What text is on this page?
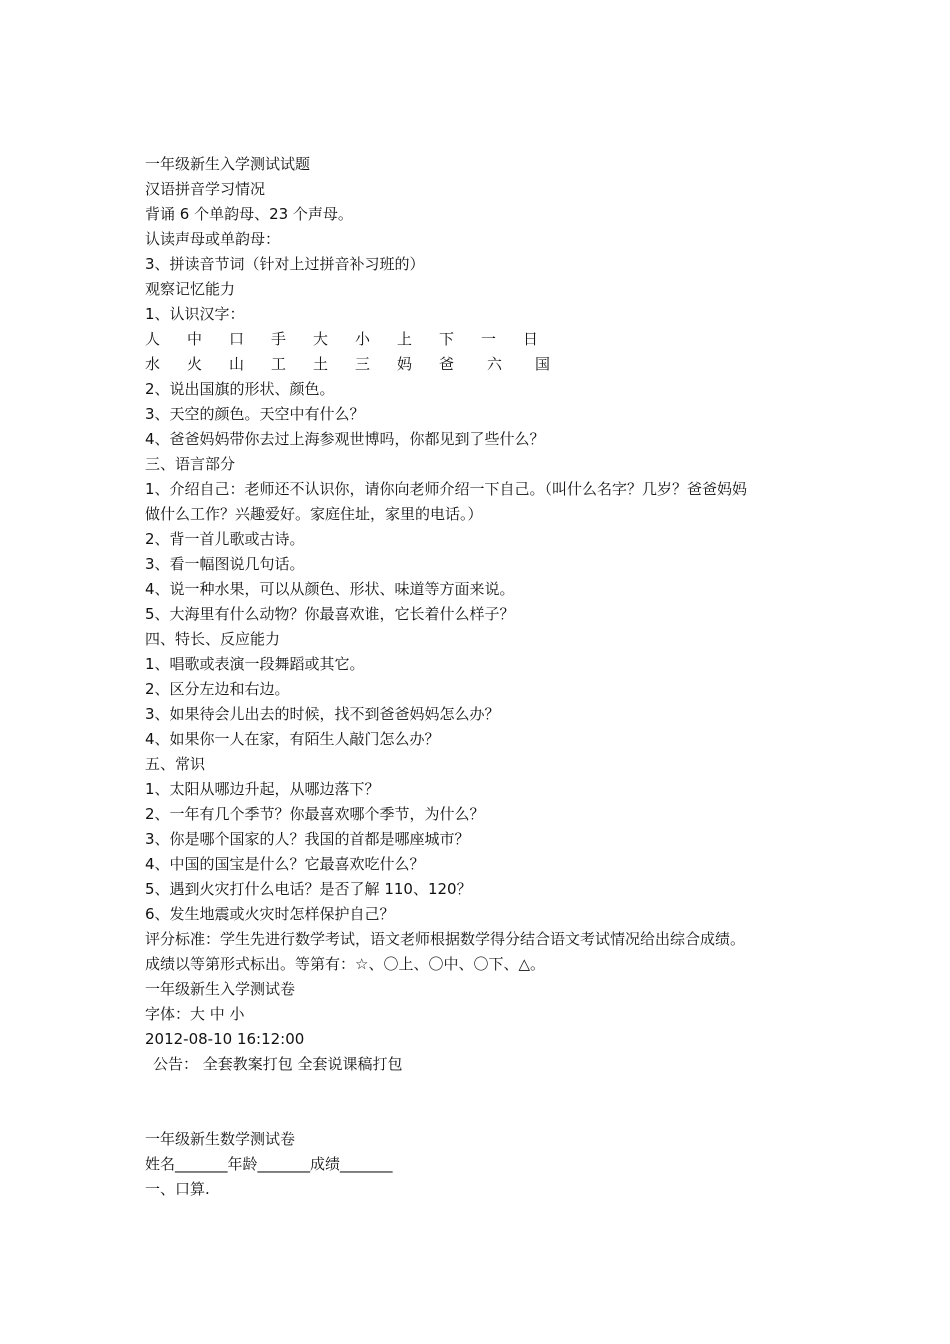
一年级新生入学测试试题
汉语拼音学习情况
背诵 6 个单韵母、23 个声母。
认读声母或单韵母：
3、拼读音节词（针对上过拼音补习班的）
观察记忆能力
1、认识汉字：
人	中	口	手	大	小	上	下	一	日
水	火	山	工	土	三	妈	爸	六	国
2、说出国旗的形状、颜色。
3、天空的颜色。天空中有什么？
4、爸爸妈妈带你去过上海参观世博吗，你都见到了些什么？
三、语言部分
1、介绍自己：老师还不认识你，请你向老师介绍一下自己。（叫什么名字？几岁？爸爸妈妈
做什么工作？兴趣爱好。家庭住址，家里的电话。）
2、背一首儿歌或古诗。
3、看一幅图说几句话。
4、说一种水果，可以从颜色、形状、味道等方面来说。
5、大海里有什么动物？你最喜欢谁，它长着什么样子？
四、特长、反应能力
1、唱歌或表演一段舞蹈或其它。
2、区分左边和右边。
3、如果待会儿出去的时候，找不到爸爸妈妈怎么办？
4、如果你一人在家，有陌生人敲门怎么办？
五、常识
1、太阳从哪边升起，从哪边落下？
2、一年有几个季节？你最喜欢哪个季节，为什么？
3、你是哪个国家的人？我国的首都是哪座城市？
4、中国的国宝是什么？它最喜欢吃什么？
5、遇到火灾打什么电话？是否了解 110、120？
6、发生地震或火灾时怎样保护自己？
评分标准：学生先进行数学考试，语文老师根据数学得分结合语文考试情况给出综合成绩。
成绩以等第形式标出。等第有：☆、〇上、〇中、〇下、△。
一年级新生入学测试卷
字体：大 中 小
2012-08-10 16:12:00
公告： 全套教案打包 全套说课稿打包
一年级新生数学测试卷
姓名_______年龄_______成绩_______
一、口算.
